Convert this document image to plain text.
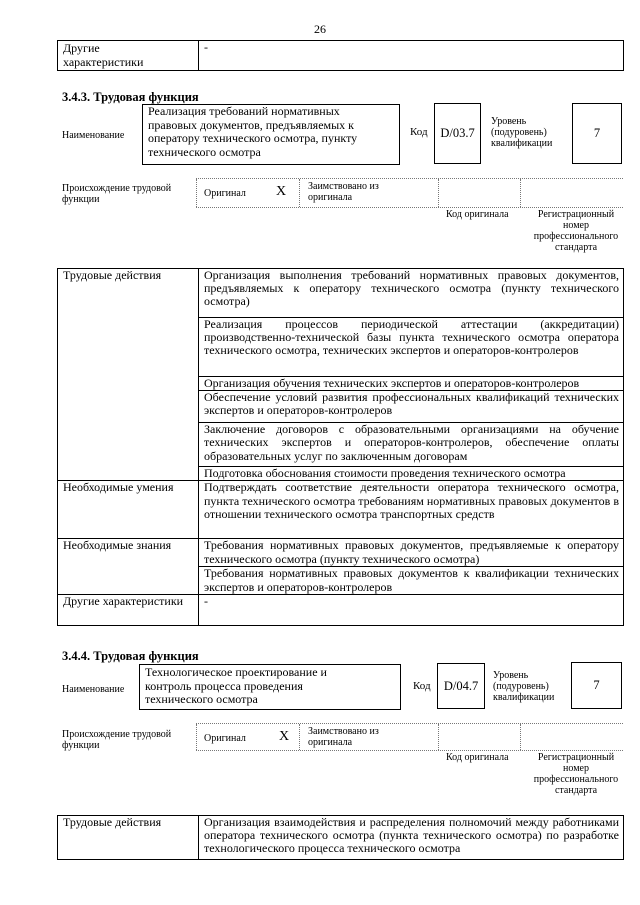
26
Другие
характеристики
	-
3.4.3. Трудовая функция
Наименование
Реализация требований нормативных
правовых документов, предъявляемых к
оператору технического осмотра, пункту
технического осмотра
Код	D/03.7
Уровень
(подуровень)
квалификации
7
Происхождение трудовой
функции
Оригинал X Заимствовано из
оригинала
Код оригинала	Регистрационный
номер
профессионального
стандарта
Трудовые действия	Организация выполнения требований нормативных правовых документов, предъявляемых к оператору технического осмотра (пункту технического осмотра)
	Реализация процессов периодической аттестации (аккредитации) производственно-технической базы пункта технического осмотра оператора технического осмотра, технических экспертов и операторов-контролеров
	Организация обучения технических экспертов и операторов-контролеров
	Обеспечение условий развития профессиональных квалификаций технических экспертов и операторов-контролеров
	Заключение договоров с образовательными организациями на обучение технических экспертов и операторов-контролеров, обеспечение оплаты образовательных услуг по заключенным договорам
	Подготовка обоснования стоимости проведения технического осмотра
Необходимые умения	Подтверждать соответствие деятельности оператора технического осмотра, пункта технического осмотра требованиям нормативных правовых документов в отношении технического осмотра транспортных средств
Необходимые знания	Требования нормативных правовых документов, предъявляемые к оператору технического осмотра (пункту технического осмотра)
	Требования нормативных правовых документов к квалификации технических экспертов и операторов-контролеров
Другие характеристики	-
3.4.4. Трудовая функция
Наименование
Технологическое проектирование и
контроль процесса проведения
технического осмотра
Код	D/04.7
Уровень
(подуровень)
квалификации
7
Происхождение трудовой
функции
Оригинал X Заимствовано из
оригинала
Код оригинала	Регистрационный
номер
профессионального
стандарта
Трудовые действия	Организация взаимодействия и распределения полномочий между работниками оператора технического осмотра (пункта технического осмотра) по разработке технологического процесса технического осмотра
